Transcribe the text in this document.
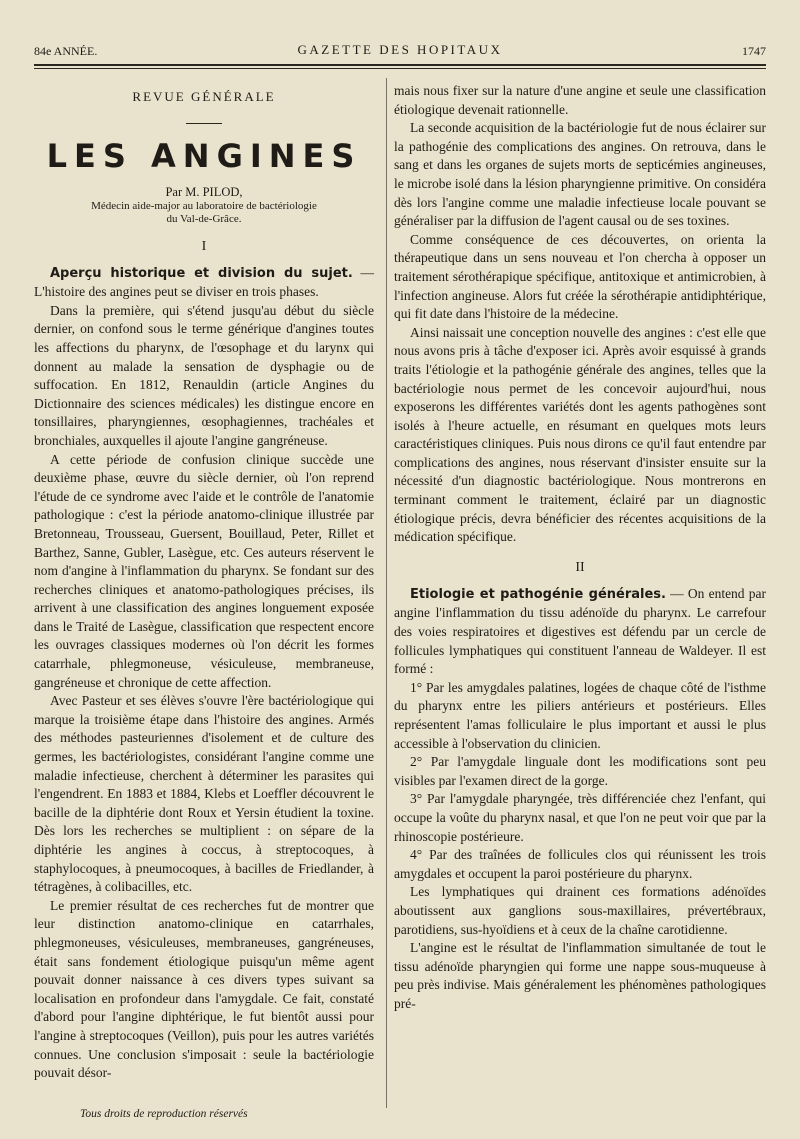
84e ANNÉE.	GAZETTE DES HOPITAUX	1747
REVUE GÉNÉRALE
LES ANGINES
Par M. PILOD,
Médecin aide-major au laboratoire de bactériologie
du Val-de-Grâce.
I

Aperçu historique et division du sujet. — L'histoire des angines peut se diviser en trois phases.

Dans la première, qui s'étend jusqu'au début du siècle dernier, on confond sous le terme générique d'angines toutes les affections du pharynx, de l'œsophage et du larynx qui donnent au malade la sensation de dysphagie ou de suffocation. En 1812, Renauldin (article Angines du Dictionnaire des sciences médicales) les distingue encore en tonsillaires, pharyngiennes, œsophagiennes, trachéales et bronchiales, auxquelles il ajoute l'angine gangréneuse.

A cette période de confusion clinique succède une deuxième phase, œuvre du siècle dernier, où l'on reprend l'étude de ce syndrome avec l'aide et le contrôle de l'anatomie pathologique : c'est la période anatomo-clinique illustrée par Bretonneau, Trousseau, Guersent, Bouillaud, Peter, Rillet et Barthez, Sanne, Gubler, Lasègue, etc. Ces auteurs réservent le nom d'angine à l'inflammation du pharynx. Se fondant sur des recherches cliniques et anatomo-pathologiques précises, ils arrivent à une classification des angines longuement exposée dans le Traité de Lasègue, classification que respectent encore les ouvrages classiques modernes où l'on décrit les formes catarrhale, phlegmoneuse, vésiculeuse, membraneuse, gangréneuse et chronique de cette affection.

Avec Pasteur et ses élèves s'ouvre l'ère bactériologique qui marque la troisième étape dans l'histoire des angines. Armés des méthodes pasteuriennes d'isolement et de culture des germes, les bactériologistes, considérant l'angine comme une maladie infectieuse, cherchent à déterminer les parasites qui l'engendrent. En 1883 et 1884, Klebs et Loeffler découvrent le bacille de la diphtérie dont Roux et Yersin étudient la toxine. Dès lors les recherches se multiplient : on sépare de la diphtérie les angines à coccus, à streptocoques, à staphylocoques, à pneumocoques, à bacilles de Friedlander, à tétragènes, à colibacilles, etc.

Le premier résultat de ces recherches fut de montrer que leur distinction anatomo-clinique en catarrhales, phlegmoneuses, vésiculeuses, membraneuses, gangréneuses, était sans fondement étiologique puisqu'un même agent pouvait donner naissance à ces divers types suivant sa localisation en profondeur dans l'amygdale. Ce fait, constaté d'abord pour l'angine diphtérique, le fut bientôt aussi pour l'angine à streptocoques (Veillon), puis pour les autres variétés connues. Une conclusion s'imposait : seule la bactériologie pouvait désor-

mais nous fixer sur la nature d'une angine et seule une classification étiologique devenait rationnelle.

La seconde acquisition de la bactériologie fut de nous éclairer sur la pathogénie des complications des angines. On retrouva, dans le sang et dans les organes de sujets morts de septicémies angineuses, le microbe isolé dans la lésion pharyngienne primitive. On considéra dès lors l'angine comme une maladie infectieuse locale pouvant se généraliser par la diffusion de l'agent causal ou de ses toxines.

Comme conséquence de ces découvertes, on orienta la thérapeutique dans un sens nouveau et l'on chercha à opposer un traitement sérothérapique spécifique, antitoxique et antimicrobien, à l'infection angineuse. Alors fut créée la sérothérapie antidiphtérique, qui fit date dans l'histoire de la médecine.

Ainsi naissait une conception nouvelle des angines : c'est elle que nous avons pris à tâche d'exposer ici. Après avoir esquissé à grands traits l'étiologie et la pathogénie générale des angines, telles que la bactériologie nous permet de les concevoir aujourd'hui, nous exposerons les différentes variétés dont les agents pathogènes sont isolés à l'heure actuelle, en résumant en quelques mots leurs caractéristiques cliniques. Puis nous dirons ce qu'il faut entendre par complications des angines, nous réservant d'insister ensuite sur la nécessité d'un diagnostic bactériologique. Nous montrerons en terminant comment le traitement, éclairé par un diagnostic étiologique précis, devra bénéficier des récentes acquisitions de la médication spécifique.

II

Etiologie et pathogénie générales. — On entend par angine l'inflammation du tissu adénoïde du pharynx. Le carrefour des voies respiratoires et digestives est défendu par un cercle de follicules lymphatiques qui constituent l'anneau de Waldeyer. Il est formé :

1° Par les amygdales palatines, logées de chaque côté de l'isthme du pharynx entre les piliers antérieurs et postérieurs. Elles représentent l'amas folliculaire le plus important et aussi le plus accessible à l'observation du clinicien.

2° Par l'amygdale linguale dont les modifications sont peu visibles par l'examen direct de la gorge.

3° Par l'amygdale pharyngée, très différenciée chez l'enfant, qui occupe la voûte du pharynx nasal, et que l'on ne peut voir que par la rhinoscopie postérieure.

4° Par des traînées de follicules clos qui réunissent les trois amygdales et occupent la paroi postérieure du pharynx.

Les lymphatiques qui drainent ces formations adénoïdes aboutissent aux ganglions sous-maxillaires, prévertébraux, parotidiens, sus-hyoïdiens et à ceux de la chaîne carotidienne.

L'angine est le résultat de l'inflammation simultanée de tout le tissu adénoïde pharyngien qui forme une nappe sous-muqueuse à peu près indivise. Mais généralement les phénomènes pathologiques pré-

Tous droits de reproduction réservés
